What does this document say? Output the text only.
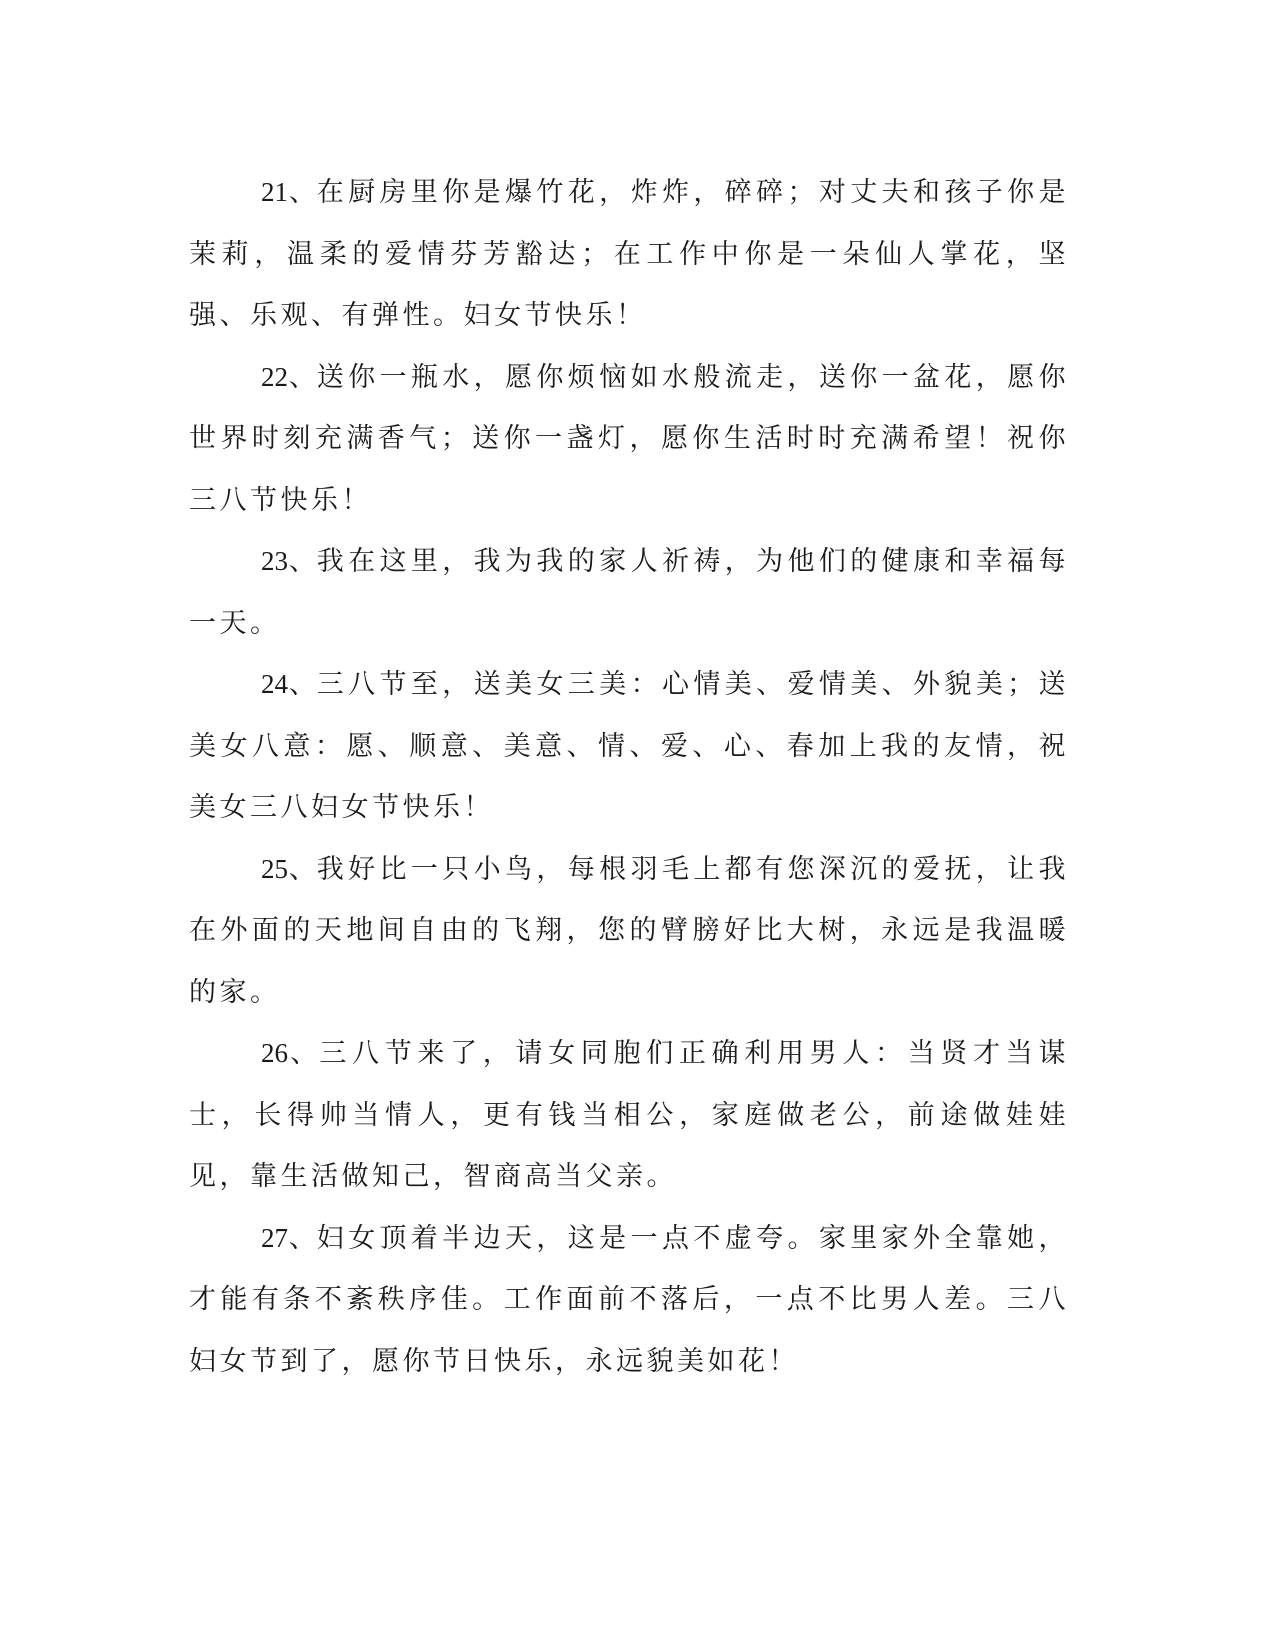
21、在厨房里你是爆竹花，炸炸，碎碎；对丈夫和孩子你是茉莉，温柔的爱情芬芳豁达；在工作中你是一朵仙人掌花，坚强、乐观、有弹性。妇女节快乐！

22、送你一瓶水，愿你烦恼如水般流走，送你一盆花，愿你世界时刻充满香气；送你一盏灯，愿你生活时时充满希望！祝你三八节快乐！

23、我在这里，我为我的家人祈祷，为他们的健康和幸福每一天。

24、三八节至，送美女三美：心情美、爱情美、外貌美；送美女八意：愿、顺意、美意、情、爱、心、春加上我的友情，祝美女三八妇女节快乐！

25、我好比一只小鸟，每根羽毛上都有您深沉的爱抚，让我在外面的天地间自由的飞翔，您的臂膀好比大树，永远是我温暖的家。

26、三八节来了，请女同胞们正确利用男人：当贤才当谋士，长得帅当情人，更有钱当相公，家庭做老公，前途做娃娃见，靠生活做知己，智商高当父亲。

27、妇女顶着半边天，这是一点不虚夸。家里家外全靠她，才能有条不紊秩序佳。工作面前不落后，一点不比男人差。三八妇女节到了，愿你节日快乐，永远貌美如花！
